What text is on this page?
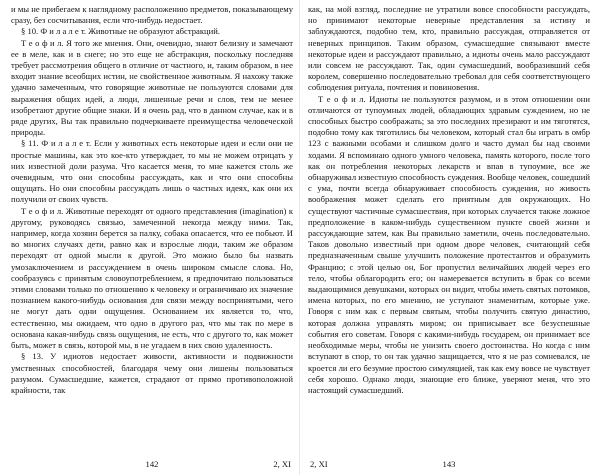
и мы не прибегаем к наглядному расположению предметов, показывающему сразу, без сосчитывания, если что-нибудь недостает.

§ 10. Ф и л а л е т. Животные не образуют абстракций.

Т е о ф и л. Я того же мнения. Они, очевидно, знают белизну и замечают ее в меле, как и в снеге; но это еще не абстракция, поскольку последняя требует рассмотрения общего в отличие от частного, и, таким образом, в нее входит знание всеобщих истин, не свойственное животным. Я нахожу также удачно замеченным, что говорящие животные не пользуются словами для выражения общих идей, а люди, лишенные речи и слов, тем не менее изобретают другие общие знаки. И я очень рад, что в данном случае, как и в ряде других, Вы так правильно подчеркиваете преимущества человеческой природы.

§ 11. Ф и л а л е т. Если у животных есть некоторые идеи и если они не простые машины, как это кое-кто утверждает, то мы не можем отрицать у них известной доли разума. Что касается меня, то мне кажется столь же очевидным, что они способны рассуждать, как и что они способны ощущать. Но они способны рассуждать лишь о частных идеях, как они их получили от своих чувств.

Т е о ф и л. Животные переходят от одного представления (imagination) к другому, руководясь связью, замеченной некогда между ними. Так, например, когда хозяин берется за палку, собака опасается, что ее побьют. И во многих случаях дети, равно как и взрослые люди, таким же образом переходят от одной мысли к другой. Это можно было бы назвать умозаключением и рассуждением в очень широком смысле слова. Но, сообразуясь с принятым словоупотреблением, я предпочитаю пользоваться этими словами только по отношению к человеку и ограничиваю их значение познанием какого-нибудь основания для связи между воспринятыми, чего не могут дать одни ощущения. Основанием их является то, что, естественно, мы ожидаем, что одно в другого раз, что мы так по мере в основана какая-нибудь связь ощущения, не есть, что с другого то, как может быть, может в связь, которой мы, в не угадаем в них свою удаленность.

§ 13. У идиотов недостает живости, активности и подвижности умственных способностей, благодаря чему они лишены пользоваться разумом. Сумасшедшие, кажется, страдают от прямо противоположной крайности, так

142	2, XI

как, на мой взгляд, последние не утратили вовсе способности рассуждать, но принимают некоторые неверные представления за истину и заблуждаются, подобно тем, кто, правильно рассуждая, отправляется от неверных принципов. Таким образом, сумасшедшие связывают вместе некоторые идеи и рассуждают правильно, а идиоты очень мало рассуждают или совсем не рассуждают. Так, один сумасшедший, вообразивший себя королем, совершенно последовательно требовал для себя соответствующего соблюдения ритуала, почтения и повиновения.

Т е о ф и л. Идиоты не пользуются разумом, и в этом отношении они отличаются от тупоумных людей, обладающих здравым суждением, но не способных быстро соображать; за это последних презирают и им тяготятся, подобно тому как тяготились бы человеком, который стал бы играть в омбр 123 с важными особами и слишком долго и часто думал бы над своими ходами. Я вспоминаю одного умного человека, память которого, после того как он потребления некоторых лекарств и впав в тупоумие, все же обнаруживал известную способность суждения. Вообще человек, сошедший с ума, почти всегда обнаруживает способность суждения, но живость воображения может сделать его приятным для окружающих. Но существуют частичные сумасшествия, при которых случается также ложное предположение в каком-нибудь существенном пункте своей жизни и рассуждающие затем, как Вы правильно заметили, очень последовательно. Таков довольно известный при одном дворе человек, считающий себя предназначенным свыше улучшить положение протестантов и образумить Францию; с этой целью он, Бог пропустил величайших людей через его тело, чтобы облагородить его; он намеревается вступить в брак со всеми выдающимися девушками, которых он видит, чтобы иметь святых потомков, имена которых, по его мнению, не уступают знаменитым, которые уже. Говоря с ним как с первым святым, чтобы получить святую династию, которая должна управлять миром; он приписывает все безуспешные события его советам. Говоря с какими-нибудь государем, он принимает все необходимые меры, чтобы не унизить своего достоинства. Но когда с ним вступают в спор, то он так удачно защищается, что я не раз сомневался, не кроется ли его безумие простою симуляцией, так как ему вовсе не чувствует себя хорошо. Однако люди, знающие его ближе, уверяют меня, что это настоящий сумасшедший.

2, XI	143
